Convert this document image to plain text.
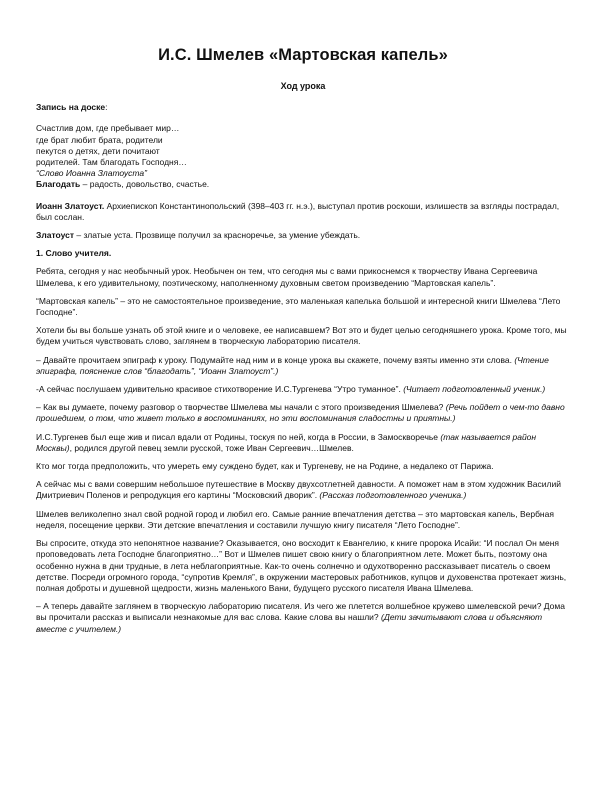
И.С. Шмелев «Мартовская капель»

Ход урока

Запись на доске:

Счастлив дом, где пребывает мир…

где брат любит брата, родители

пекутся о детях, дети почитают

родителей. Там благодать Господня…

“Слово Иоанна Златоуста”

Благодать – радость, довольство, счастье.

Иоанн Златоуст. Архиепископ Константинопольский (398–403 гг. н.э.), выступал против роскоши, излишеств за взгляды пострадал, был сослан.

Златоуст – златые уста. Прозвище получил за красноречье, за умение убеждать.

1. Слово учителя.

Ребята, сегодня у нас необычный урок. Необычен он тем, что сегодня мы с вами прикоснемся к творчеству Ивана Сергеевича Шмелева, к его удивительному, поэтическому, наполненному духовным светом произведению “Мартовская капель”.

“Мартовская капель” – это не самостоятельное произведение, это маленькая капелька большой и интересной книги Шмелева “Лето Господне”.

Хотели бы вы больше узнать об этой книге и о человеке, ее написавшем? Вот это и будет целью сегодняшнего урока. Кроме того, мы будем учиться чувствовать слово, заглянем в творческую лабораторию писателя.

– Давайте прочитаем эпиграф к уроку. Подумайте над ним и в конце урока вы скажете, почему взяты именно эти слова. (Чтение эпиграфа, пояснение слов “благодать”, “Иоанн Златоуст”.)

-А сейчас послушаем удивительно красивое стихотворение И.С.Тургенева “Утро туманное”. (Читает подготовленный ученик.)

– Как вы думаете, почему разговор о творчестве Шмелева мы начали с этого произведения Шмелева? (Речь пойдет о чем-то давно прошедшем, о том, что живет только в воспоминаниях, но эти воспоминания сладостны и приятны.)

И.С.Тургенев был еще жив и писал вдали от Родины, тоскуя по ней, когда в России, в Замоскворечье (так называется район Москвы), родился другой певец земли русской, тоже Иван Сергеевич…Шмелев.

Кто мог тогда предположить, что умереть ему суждено будет, как и Тургеневу, не на Родине, а недалеко от Парижа.

А сейчас мы с вами совершим небольшое путешествие в Москву двухсотлетней давности. А поможет нам в этом художник Василий Дмитриевич Поленов и репродукция его картины “Московский дворик”. (Рассказ подготовленного ученика.)

Шмелев великолепно знал свой родной город и любил его. Самые ранние впечатления детства – это мартовская капель, Вербная неделя, посещение церкви. Эти детские впечатления и составили лучшую книгу писателя “Лето Господне”.

Вы спросите, откуда это непонятное название? Оказывается, оно восходит к Евангелию, к книге пророка Исайи: “И послал Он меня проповедовать лета Господне благоприятно…” Вот и Шмелев пишет свою книгу о благоприятном лете. Может быть, поэтому она особенно нужна в дни трудные, в лета неблагоприятные. Как-то очень солнечно и одухотворенно рассказывает писатель о своем детстве. Посреди огромного города, “супротив Кремля”, в окружении мастеровых работников, купцов и духовенства протекает жизнь, полная доброты и душевной щедрости, жизнь маленького Вани, будущего русского писателя Ивана Шмелева.

– А теперь давайте заглянем в творческую лабораторию писателя. Из чего же плетется волшебное кружево шмелевской речи? Дома вы прочитали рассказ и выписали незнакомые для вас слова. Какие слова вы нашли? (Дети зачитывают слова и объясняют вместе с учителем.)
